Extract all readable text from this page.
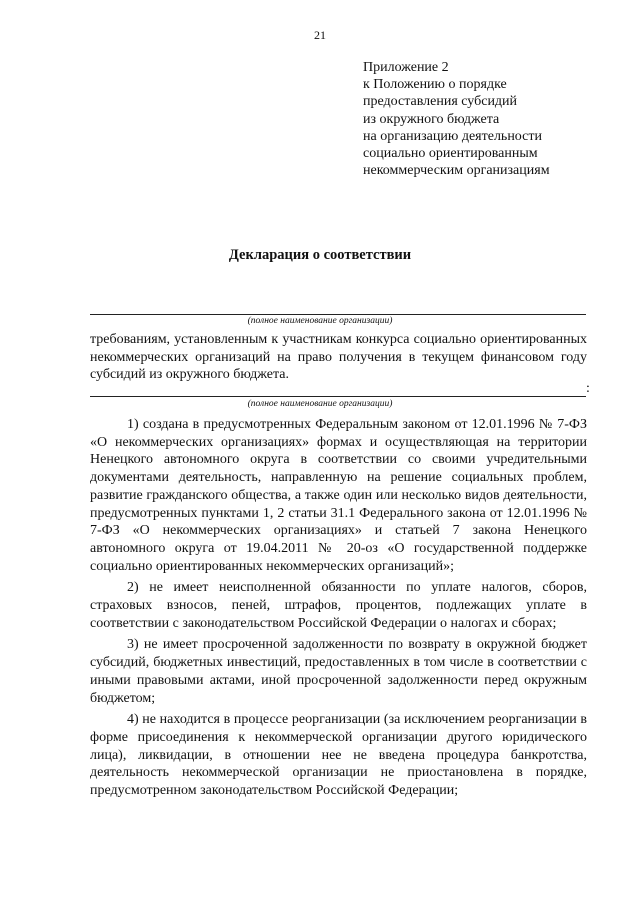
21
Приложение 2
к Положению о порядке
предоставления субсидий
из окружного бюджета
на организацию деятельности
социально ориентированным
некоммерческим организациям
Декларация о соответствии
(полное наименование организации)

требованиям, установленным к участникам конкурса социально ориентированных некоммерческих организаций на право получения в текущем финансовом году субсидий из окружного бюджета.

:
(полное наименование организации)

1) создана в предусмотренных Федеральным законом от 12.01.1996 № 7-ФЗ «О некоммерческих организациях» формах и осуществляющая на территории Ненецкого автономного округа в соответствии со своими учредительными документами деятельность, направленную на решение социальных проблем, развитие гражданского общества, а также один или несколько видов деятельности, предусмотренных пунктами 1, 2 статьи 31.1 Федерального закона от 12.01.1996 № 7-ФЗ «О некоммерческих организациях» и статьей 7 закона Ненецкого автономного округа от 19.04.2011 № 20-оз «О государственной поддержке социально ориентированных некоммерческих организаций»;

2) не имеет неисполненной обязанности по уплате налогов, сборов, страховых взносов, пеней, штрафов, процентов, подлежащих уплате в соответствии с законодательством Российской Федерации о налогах и сборах;

3) не имеет просроченной задолженности по возврату в окружной бюджет субсидий, бюджетных инвестиций, предоставленных в том числе в соответствии с иными правовыми актами, иной просроченной задолженности перед окружным бюджетом;

4) не находится в процессе реорганизации (за исключением реорганизации в форме присоединения к некоммерческой организации другого юридического лица), ликвидации, в отношении нее не введена процедура банкротства, деятельность некоммерческой организации не приостановлена в порядке, предусмотренном законодательством Российской Федерации;
